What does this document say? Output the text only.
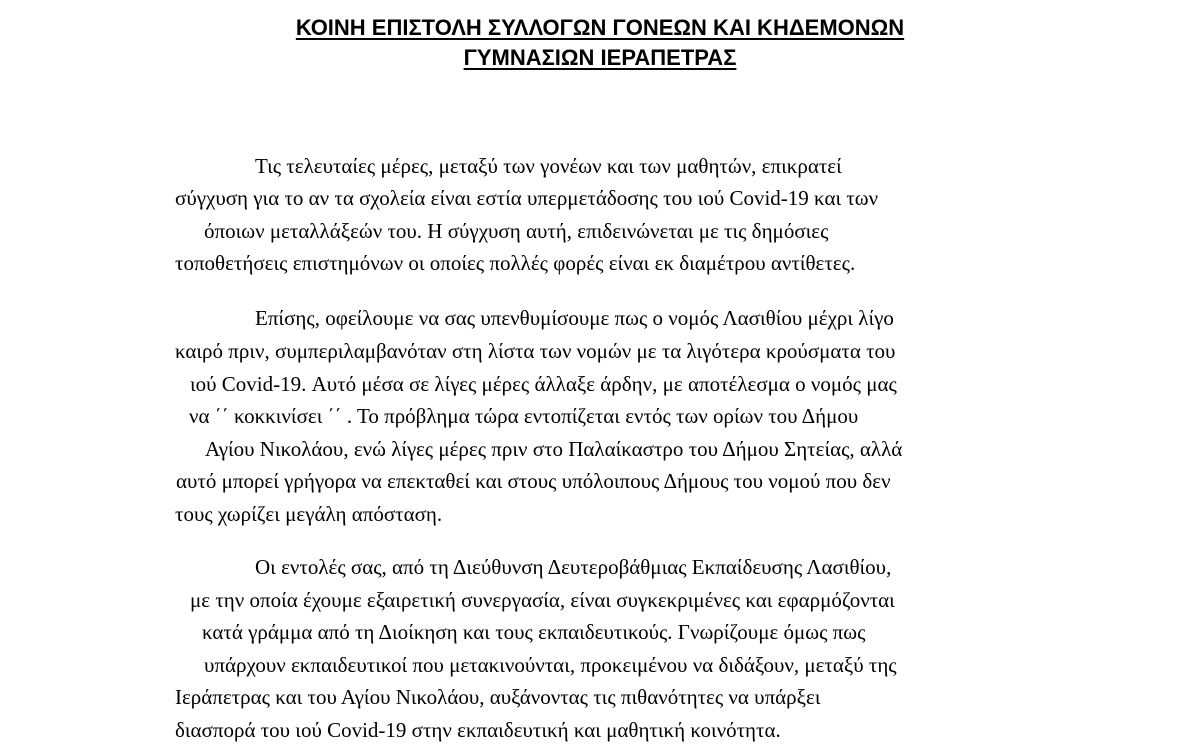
ΚΟΙΝΗ ΕΠΙΣΤΟΛΗ ΣΥΛΛΟΓΩΝ ΓΟΝΕΩΝ ΚΑΙ ΚΗΔΕΜΟΝΩΝ
ΓΥΜΝΑΣΙΩΝ ΙΕΡΑΠΕΤΡΑΣ
Τις τελευταίες μέρες, μεταξύ των γονέων και των μαθητών, επικρατεί
σύγχυση για το αν τα σχολεία είναι εστία υπερμετάδοσης του ιού Covid-19 και των
όποιων μεταλλάξεών του. Η σύγχυση αυτή, επιδεινώνεται με τις δημόσιες
τοποθετήσεις επιστημόνων οι οποίες πολλές φορές είναι εκ διαμέτρου αντίθετες.
Επίσης, οφείλουμε να σας υπενθυμίσουμε πως ο νομός Λασιθίου μέχρι λίγο
καιρό πριν, συμπεριλαμβανόταν στη λίστα των νομών με τα λιγότερα κρούσματα του
ιού Covid-19. Αυτό μέσα σε λίγες μέρες άλλαξε άρδην, με αποτέλεσμα ο νομός μας
να ΄΄ κοκκινίσει ΄΄ . Το πρόβλημα τώρα εντοπίζεται εντός των ορίων του Δήμου
Αγίου Νικολάου, ενώ λίγες μέρες πριν στο Παλαίκαστρο του Δήμου Σητείας, αλλά
αυτό μπορεί γρήγορα να επεκταθεί και στους υπόλοιπους Δήμους του νομού που δεν
τους χωρίζει μεγάλη απόσταση.
Οι εντολές σας, από τη Διεύθυνση Δευτεροβάθμιας Εκπαίδευσης Λασιθίου,
με την οποία έχουμε εξαιρετική συνεργασία, είναι συγκεκριμένες και εφαρμόζονται
κατά γράμμα από τη Διοίκηση και τους εκπαιδευτικούς. Γνωρίζουμε όμως πως
υπάρχουν εκπαιδευτικοί που μετακινούνται, προκειμένου να διδάξουν, μεταξύ της
Ιεράπετρας και του Αγίου Νικολάου, αυξάνοντας τις πιθανότητες να υπάρξει
διασπορά του ιού Covid-19 στην εκπαιδευτική και μαθητική κοινότητα.
